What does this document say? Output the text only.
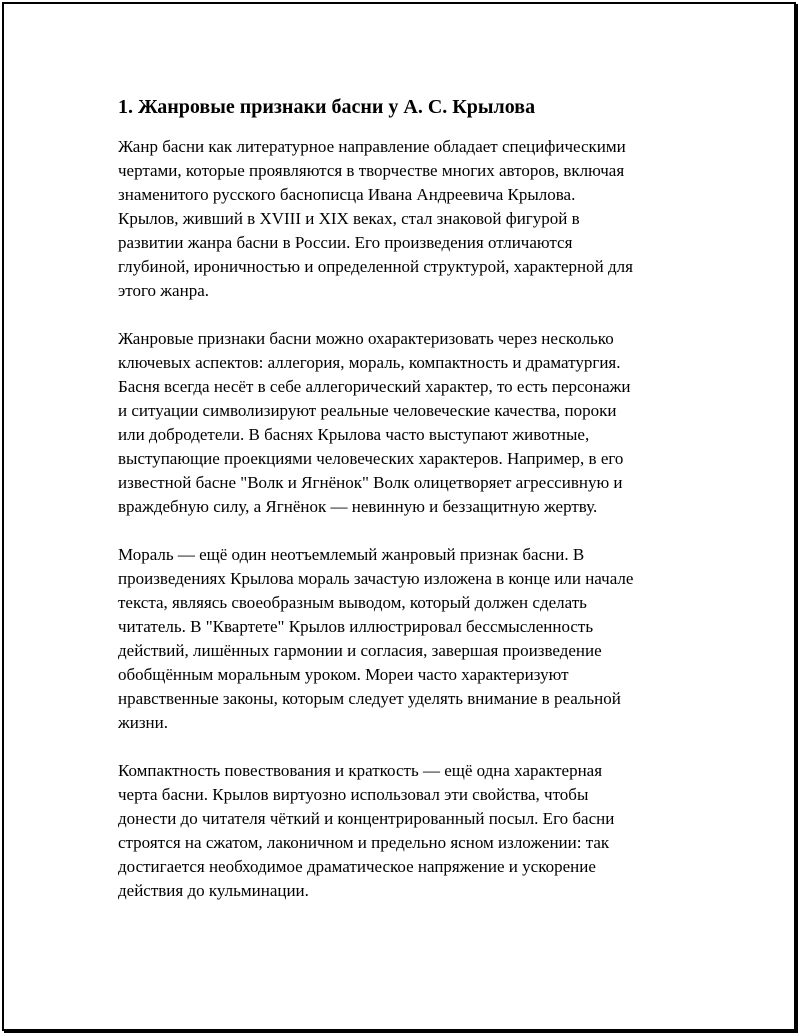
1. Жанровые признаки басни у А. С. Крылова

Жанр басни как литературное направление обладает специфическими
чертами, которые проявляются в творчестве многих авторов, включая
знаменитого русского баснописца Ивана Андреевича Крылова.
Крылов, живший в XVIII и XIX веках, стал знаковой фигурой в
развитии жанра басни в России. Его произведения отличаются
глубиной, ироничностью и определенной структурой, характерной для
этого жанра.

Жанровые признаки басни можно охарактеризовать через несколько
ключевых аспектов: аллегория, мораль, компактность и драматургия.
Басня всегда несёт в себе аллегорический характер, то есть персонажи
и ситуации символизируют реальные человеческие качества, пороки
или добродетели. В баснях Крылова часто выступают животные,
выступающие проекциями человеческих характеров. Например, в его
известной басне "Волк и Ягнёнок" Волк олицетворяет агрессивную и
враждебную силу, а Ягнёнок — невинную и беззащитную жертву.

Мораль — ещё один неотъемлемый жанровый признак басни. В
произведениях Крылова мораль зачастую изложена в конце или начале
текста, являясь своеобразным выводом, который должен сделать
читатель. В "Квартете" Крылов иллюстрировал бессмысленность
действий, лишённых гармонии и согласия, завершая произведение
обобщённым моральным уроком. Мореи часто характеризуют
нравственные законы, которым следует уделять внимание в реальной
жизни.

Компактность повествования и краткость — ещё одна характерная
черта басни. Крылов виртуозно использовал эти свойства, чтобы
донести до читателя чёткий и концентрированный посыл. Его басни
строятся на сжатом, лаконичном и предельно ясном изложении: так
достигается необходимое драматическое напряжение и ускорение
действия до кульминации.
